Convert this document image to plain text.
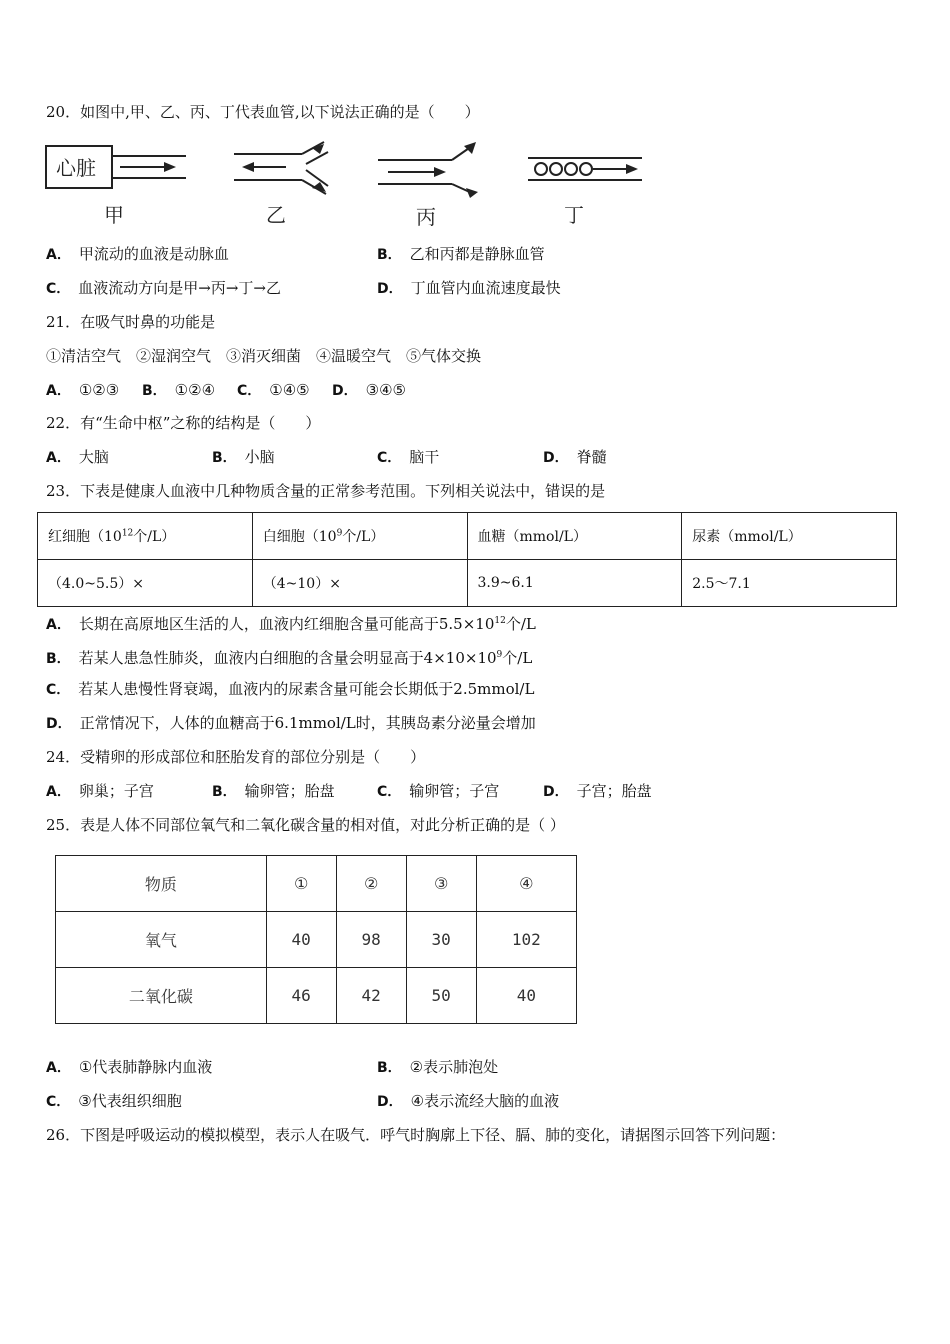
20．如图中,甲、乙、丙、丁代表血管,以下说法正确的是（　　）
心脏
甲	乙	丙	丁
A． 甲流动的血液是动脉血	B． 乙和丙都是静脉血管
C． 血液流动方向是甲→丙→丁→乙	D． 丁血管内血流速度最快
21．在吸气时鼻的功能是
①清洁空气　②湿润空气　③消灭细菌　④温暖空气　⑤气体交换
A． ①②③ B． ①②④ C． ①④⑤ D． ③④⑤
22．有“生命中枢”之称的结构是（　　）
A． 大脑	B． 小脑	C． 脑干	D． 脊髓
23．下表是健康人血液中几种物质含量的正常参考范围。下列相关说法中，错误的是
红细胞（$10^{12}$个/L）	白细胞（$10^9$个/L）	血糖（mmol/L）	尿素（mmol/L）
（4.0~5.5）×	（4~10）×	3.9~6.1	2.5～7.1
A． 长期在高原地区生活的人，血液内红细胞含量可能高于$5.5\times 10^{12}$个/L
B． 若某人患急性肺炎，血液内白细胞的含量会明显高于$4\times 10\times 10^9$个/L
C． 若某人患慢性肾衰竭，血液内的尿素含量可能会长期低于2.5mmol/L
D． 正常情况下，人体的血糖高于6.1mmol/L时，其胰岛素分泌量会增加
24．受精卵的形成部位和胚胎发育的部位分别是（　　）
A． 卵巢；子宫	B． 输卵管；胎盘	C． 输卵管；子宫	D． 子宫；胎盘
25．表是人体不同部位氧气和二氧化碳含量的相对值，对此分析正确的是（ ）
物质	①	②	③	④
氧气	40	98	30	102
二氧化碳	46	42	50	40
A． ①代表肺静脉内血液	B． ②表示肺泡处
C． ③代表组织细胞	D． ④表示流经大脑的血液
26．下图是呼吸运动的模拟模型，表示人在吸气．呼气时胸廓上下径、膈、肺的变化，请据图示回答下列问题：
